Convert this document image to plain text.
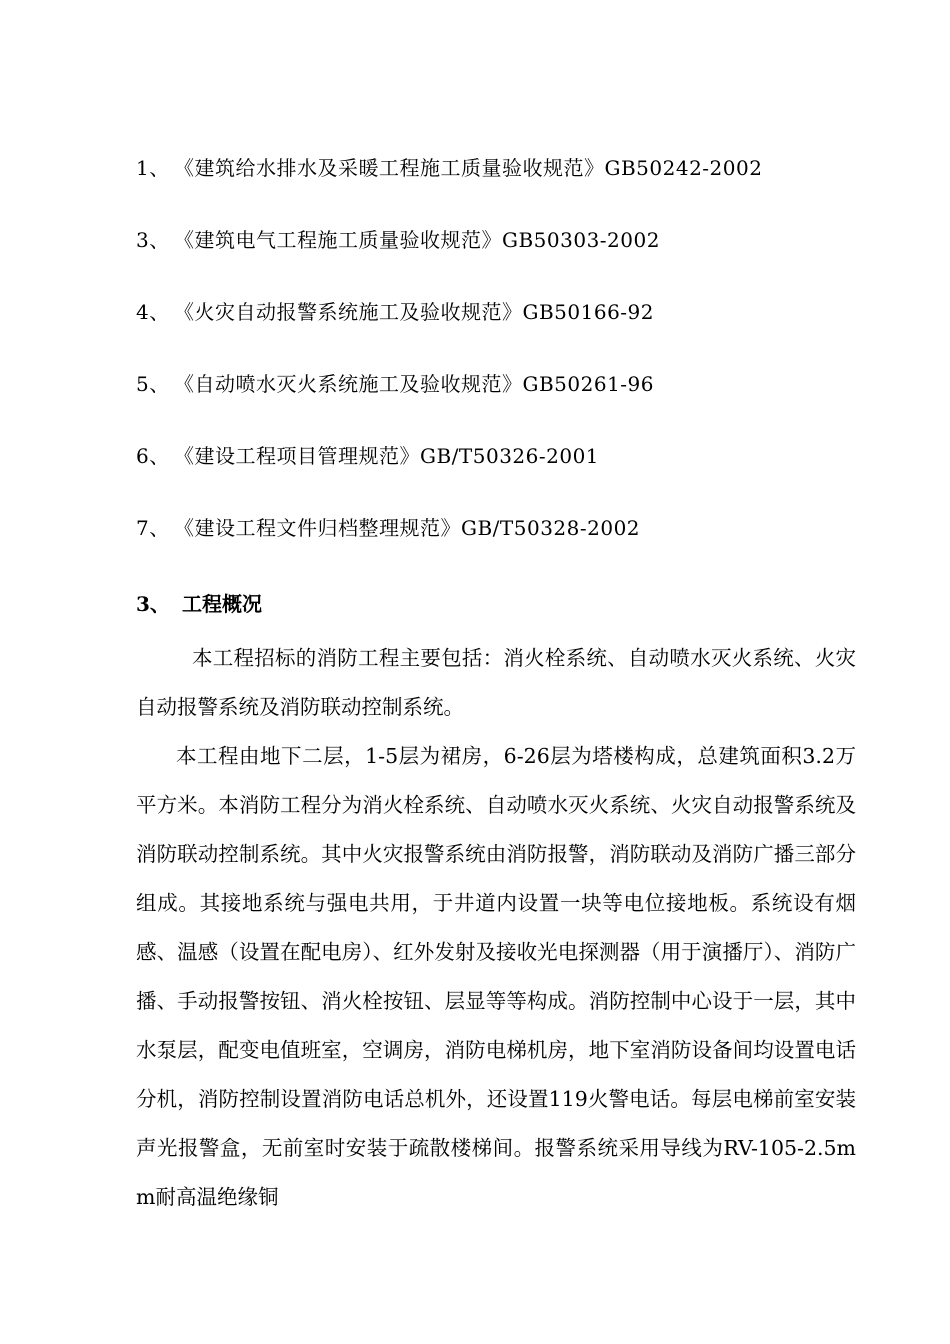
1、 《建筑给水排水及采暖工程施工质量验收规范》GB50242-2002
3、 《建筑电气工程施工质量验收规范》GB50303-2002
4、 《火灾自动报警系统施工及验收规范》GB50166-92
5、 《自动喷水灭火系统施工及验收规范》GB50261-96
6、 《建设工程项目管理规范》GB/T50326-2001
7、 《建设工程文件归档整理规范》GB/T50328-2002
3、 工程概况

本工程招标的消防工程主要包括：消火栓系统、自动喷水灭火系统、火灾自动报警系统及消防联动控制系统。

本工程由地下二层，1-5层为裙房，6-26层为塔楼构成，总建筑面积3.2万平方米。本消防工程分为消火栓系统、自动喷水灭火系统、火灾自动报警系统及消防联动控制系统。其中火灾报警系统由消防报警，消防联动及消防广播三部分组成。其接地系统与强电共用，于井道内设置一块等电位接地板。系统设有烟感、温感（设置在配电房）、红外发射及接收光电探测器（用于演播厅）、消防广播、手动报警按钮、消火栓按钮、层显等等构成。消防控制中心设于一层，其中水泵层，配变电值班室，空调房，消防电梯机房，地下室消防设备间均设置电话分机，消防控制设置消防电话总机外，还设置119火警电话。每层电梯前室安装声光报警盒，无前室时安装于疏散楼梯间。报警系统采用导线为RV-105-2.5mm耐高温绝缘铜
